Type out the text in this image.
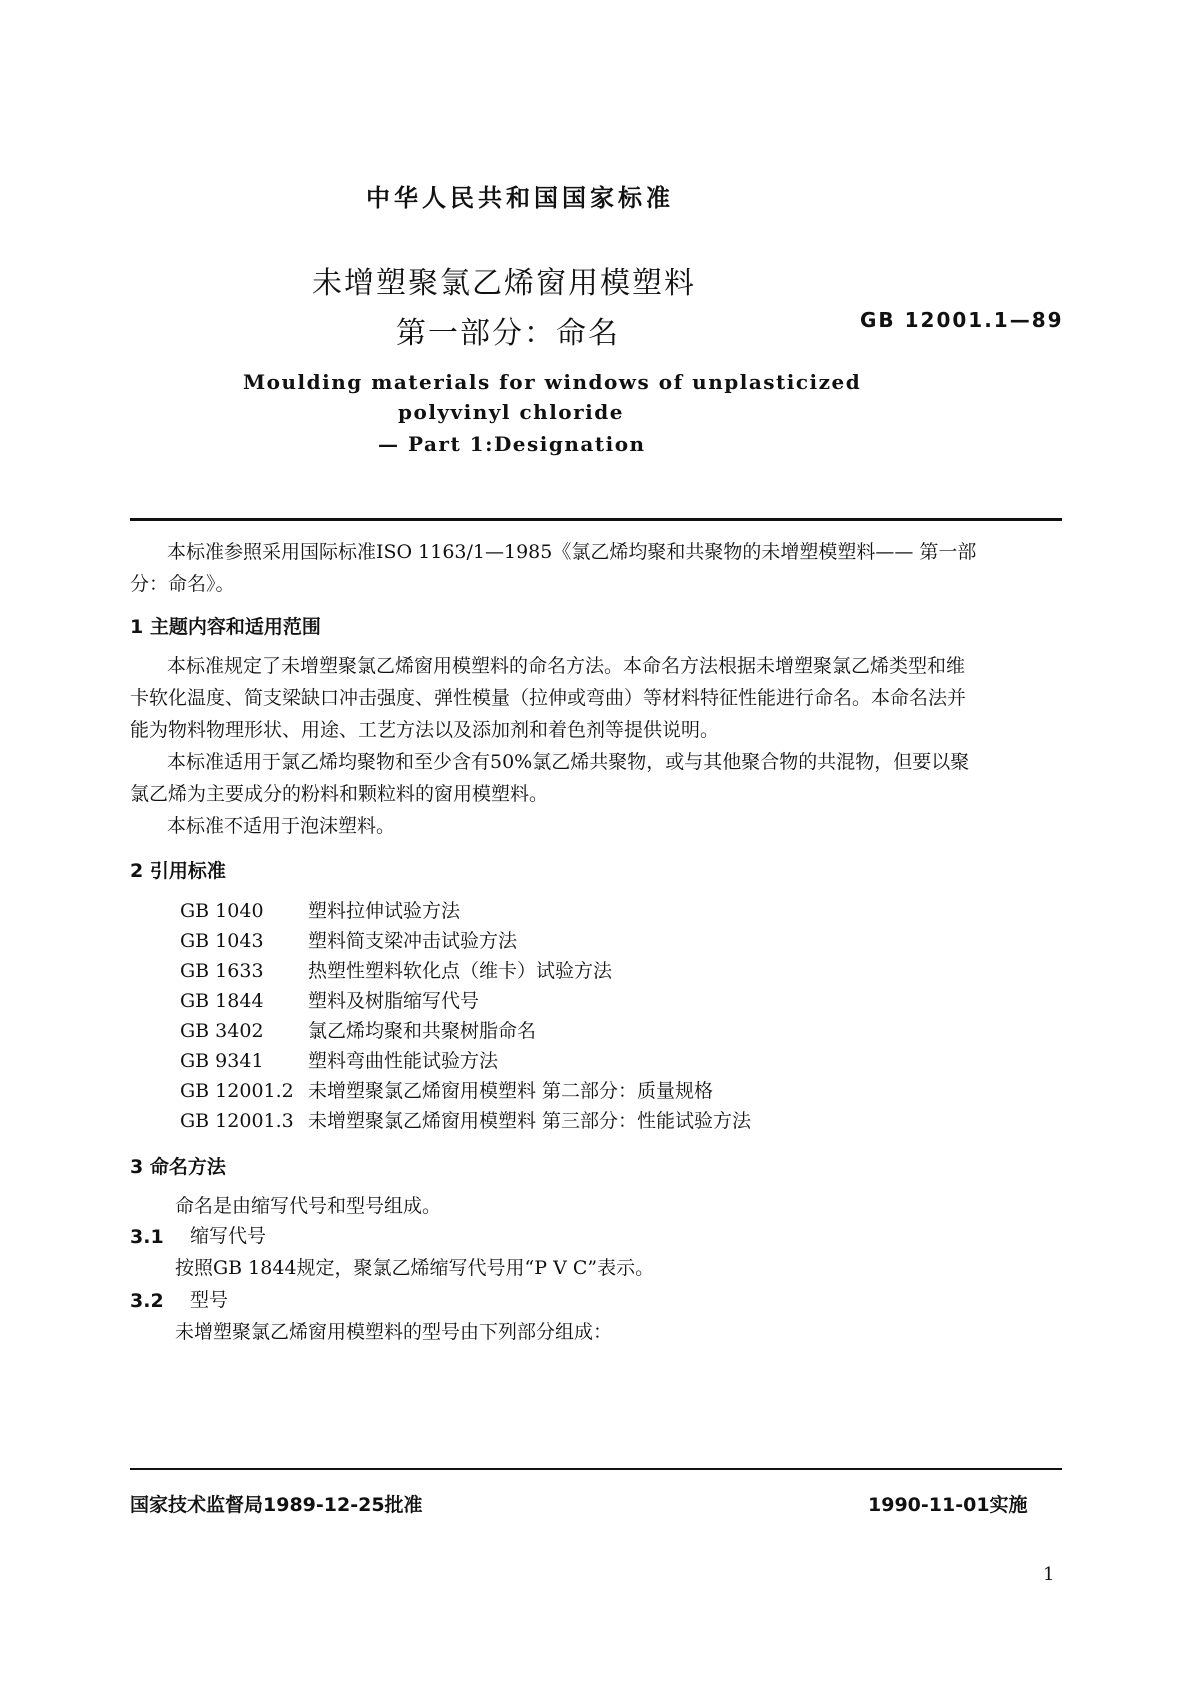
中华人民共和国国家标准
未增塑聚氯乙烯窗用模塑料
第一部分：命名	GB 12001.1—89
Moulding materials for windows of unplasticized
polyvinyl chloride
— Part 1:Designation
本标准参照采用国际标准ISO 1163/1—1985《氯乙烯均聚和共聚物的未增塑模塑料—— 第一部
分：命名》。
1 主题内容和适用范围
本标准规定了未增塑聚氯乙烯窗用模塑料的命名方法。本命名方法根据未增塑聚氯乙烯类型和维
卡软化温度、简支梁缺口冲击强度、弹性模量（拉伸或弯曲）等材料特征性能进行命名。本命名法并
能为物料物理形状、用途、工艺方法以及添加剂和着色剂等提供说明。
本标准适用于氯乙烯均聚物和至少含有50%氯乙烯共聚物，或与其他聚合物的共混物，但要以聚
氯乙烯为主要成分的粉料和颗粒料的窗用模塑料。
本标准不适用于泡沫塑料。
2 引用标准
GB 1040 塑料拉伸试验方法
GB 1043 塑料简支梁冲击试验方法
GB 1633 热塑性塑料软化点（维卡）试验方法
GB 1844 塑料及树脂缩写代号
GB 3402 氯乙烯均聚和共聚树脂命名
GB 9341 塑料弯曲性能试验方法
GB 12001.2 未增塑聚氯乙烯窗用模塑料 第二部分：质量规格
GB 12001.3 未增塑聚氯乙烯窗用模塑料 第三部分：性能试验方法
3 命名方法
命名是由缩写代号和型号组成。
3.1 缩写代号
按照GB 1844规定，聚氯乙烯缩写代号用“P V C”表示。
3.2 型号
未增塑聚氯乙烯窗用模塑料的型号由下列部分组成：
国家技术监督局1989-12-25批准	1990-11-01实施
1
